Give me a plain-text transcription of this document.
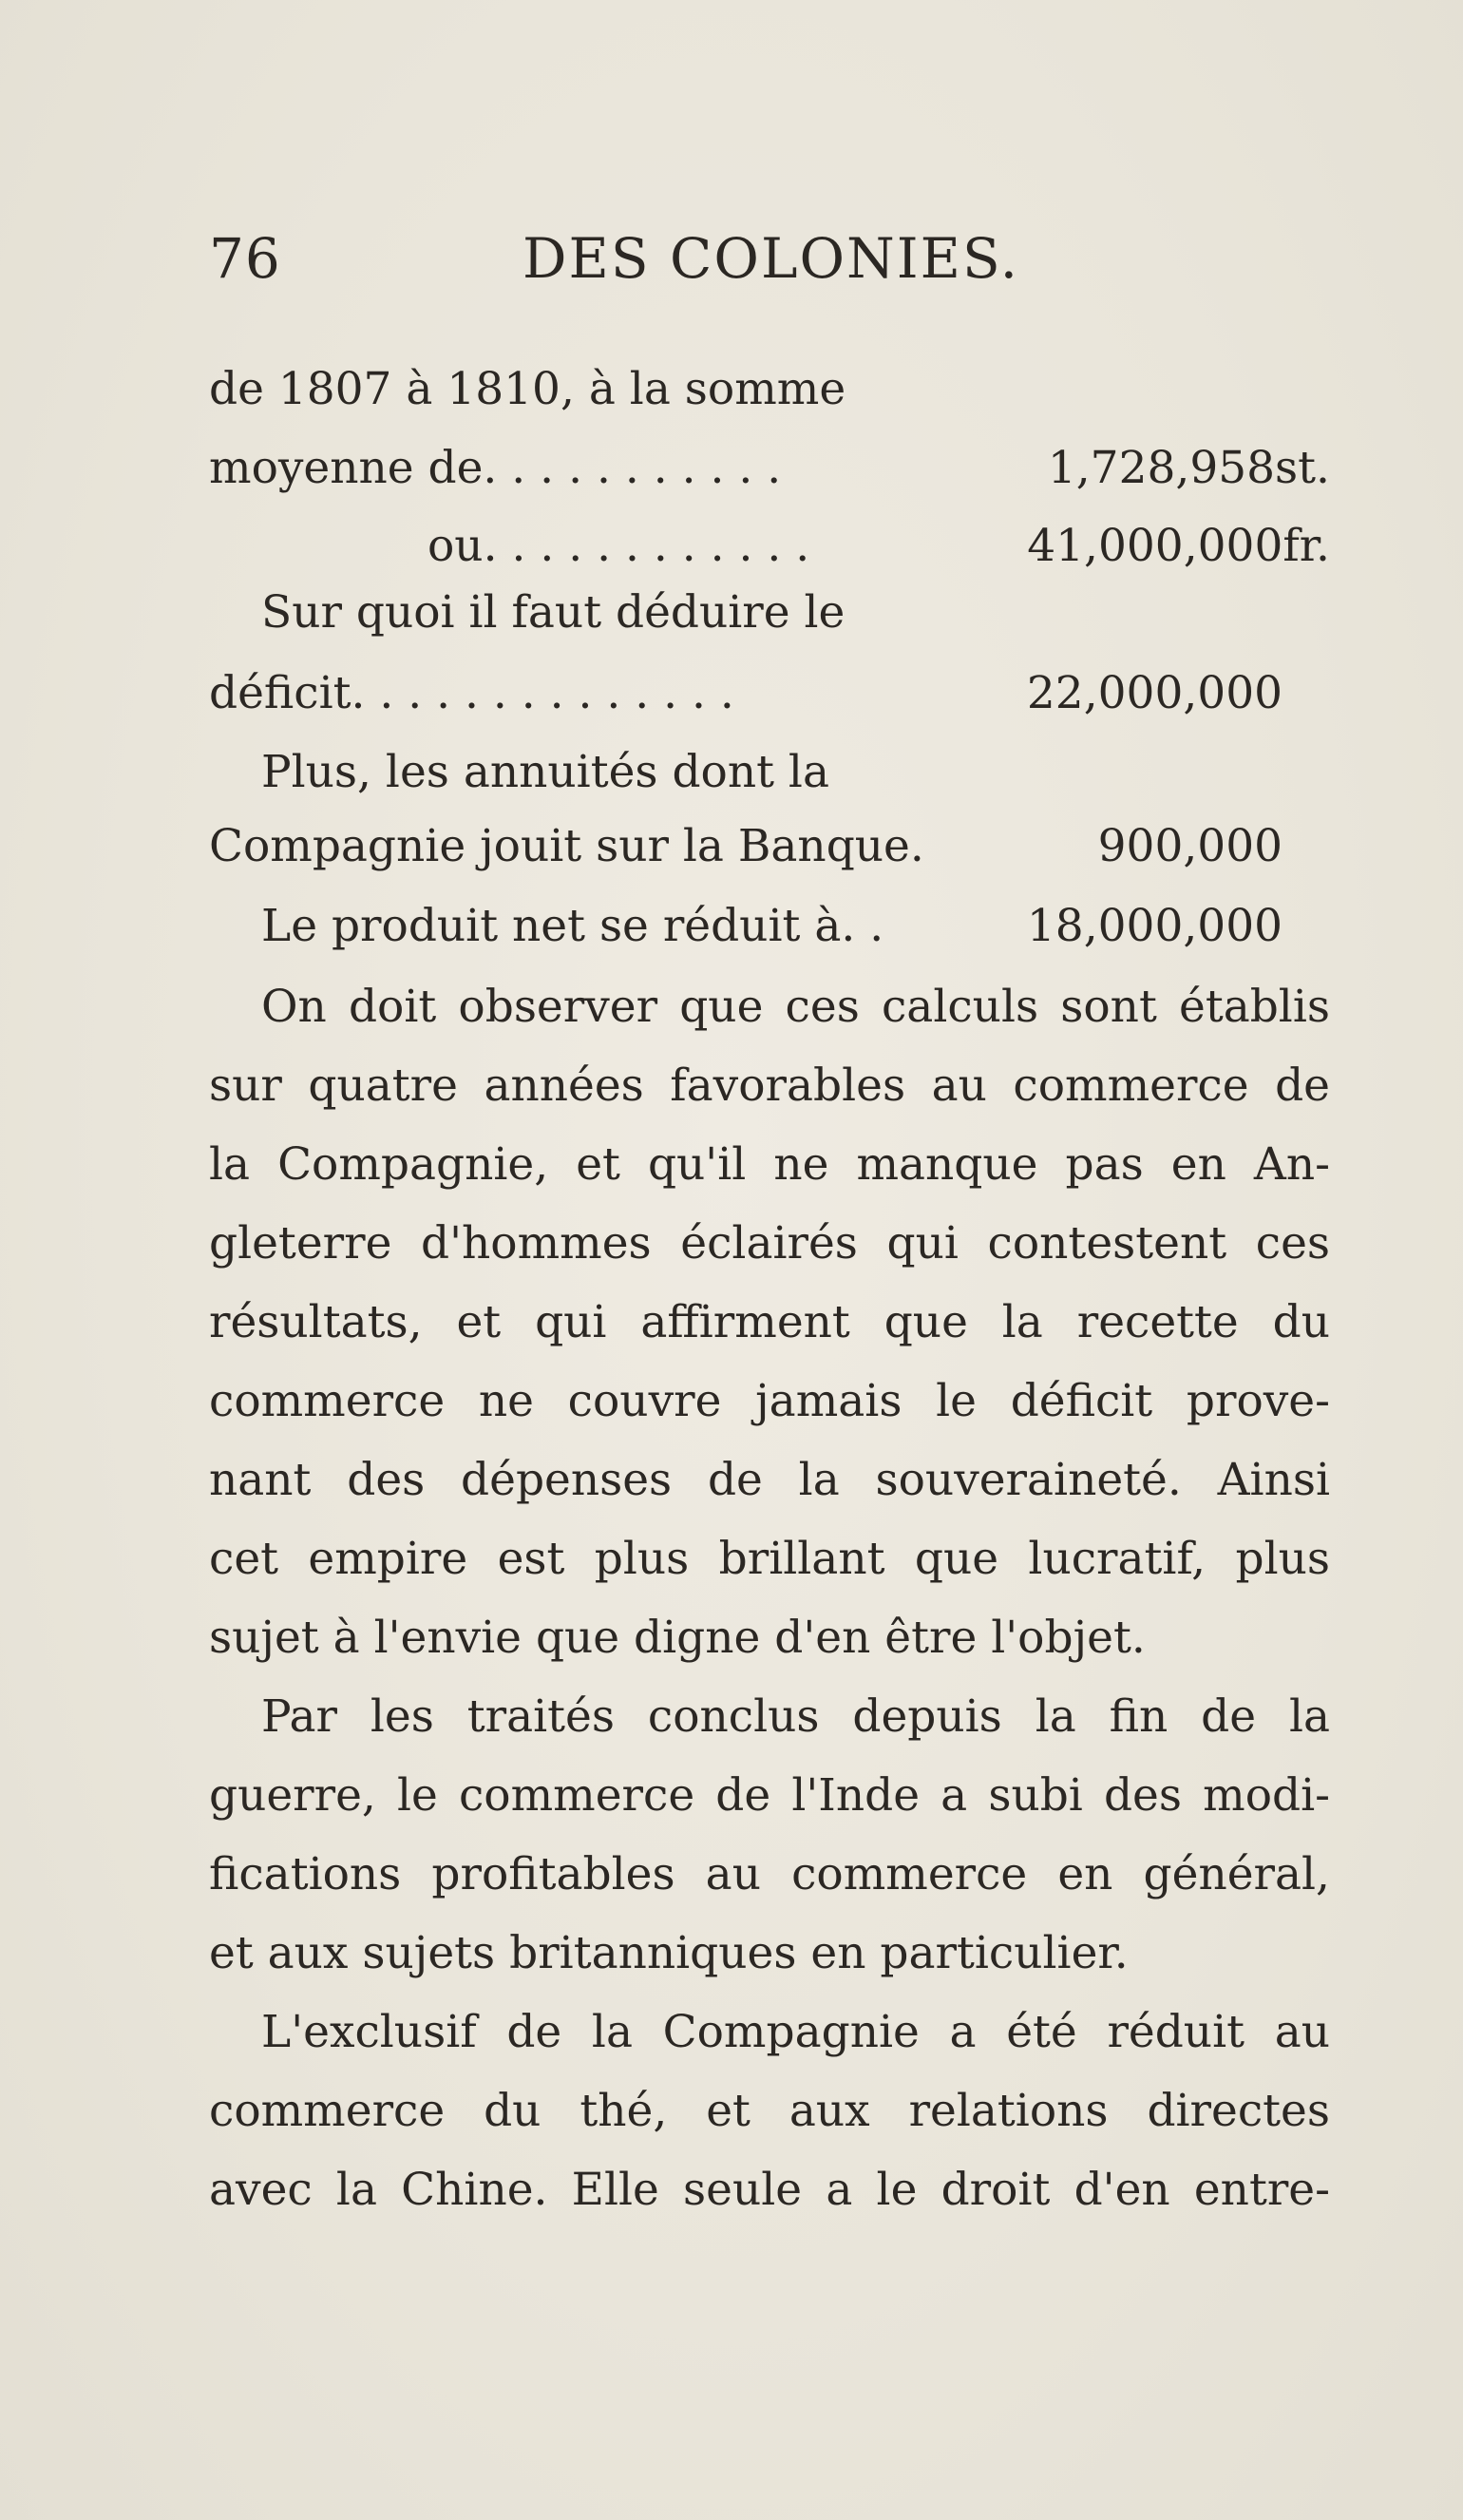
76	DES COLONIES.
de 1807 à 1810, à la somme
moyenne de. . . . . . . . . . .	1,728,958st.
ou. . . . . . . . . . . .	41,000,000fr.
Sur quoi il faut déduire le
déficit. . . . . . . . . . . . . .	22,000,000
Plus, les annuités dont la
Compagnie jouit sur la Banque.	900,000
Le produit net se réduit à. .	18,000,000
On doit observer que ces calculs sont établis
sur quatre années favorables au commerce de
la Compagnie, et qu'il ne manque pas en An-
gleterre d'hommes éclairés qui contestent ces
résultats, et qui affirment que la recette du
commerce ne couvre jamais le déficit prove-
nant des dépenses de la souveraineté. Ainsi
cet empire est plus brillant que lucratif, plus
sujet à l'envie que digne d'en être l'objet.
Par les traités conclus depuis la fin de la
guerre, le commerce de l'Inde a subi des modi-
fications profitables au commerce en général,
et aux sujets britanniques en particulier.
L'exclusif de la Compagnie a été réduit au
commerce du thé, et aux relations directes
avec la Chine. Elle seule a le droit d'en entre-
